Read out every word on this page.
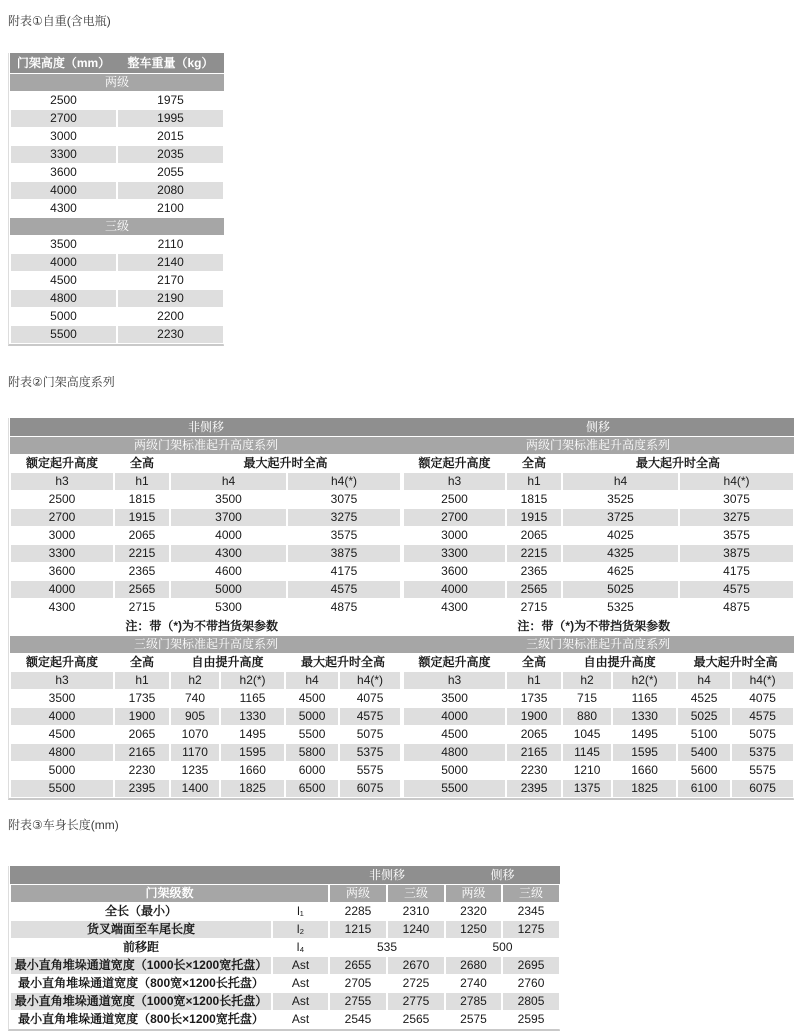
附表①自重(含电瓶)
附表②门架高度系列
附表③车身长度(mm)
门架高度（mm）	整车重量（kg）
两级	
2500	1975
2700	1995
3000	2015
3300	2035
3600	2055
4000	2080
4300	2100
三级	
3500	2110
4000	2140
4500	2170
4800	2190
5000	2200
5500	2230
非侧移				侧移			
两级门架标准起升高度系列				两级门架标准起升高度系列			
额定起升高度	全高	最大起升时全高		额定起升高度	全高	最大起升时全高	
h3	h1	h4	h4(*)	h3	h1	h4	h4(*)
2500	1815	3500	3075	2500	1815	3525	3075
2700	1915	3700	3275	2700	1915	3725	3275
3000	2065	4000	3575	3000	2065	4025	3575
3300	2215	4300	3875	3300	2215	4325	3875
3600	2365	4600	4175	3600	2365	4625	4175
4000	2565	5000	4575	4000	2565	5025	4575
4300	2715	5300	4875	4300	2715	5325	4875
注：带（*)为不带挡货架参数						注：带（*)为不带挡货架参数					
三级门架标准起升高度系列						三级门架标准起升高度系列					
额定起升高度	全高	自由提升高度		最大起升时全高		额定起升高度	全高	自由提升高度		最大起升时全高	
h3	h1	h2	h2(*)	h4	h4(*)	h3	h1	h2	h2(*)	h4	h4(*)
3500	1735	740	1165	4500	4075	3500	1735	715	1165	4525	4075
4000	1900	905	1330	5000	4575	4000	1900	880	1330	5025	4575
4500	2065	1070	1495	5500	5075	4500	2065	1045	1495	5100	5075
4800	2165	1170	1595	5800	5375	4800	2165	1145	1595	5400	5375
5000	2230	1235	1660	6000	5575	5000	2230	1210	1660	5600	5575
5500	2395	1400	1825	6500	6075	5500	2395	1375	1825	6100	6075
		非侧移		侧移	
门架级数		两级	三级	两级	三级
全长（最小）	l₁	2285	2310	2320	2345
货叉端面至车尾长度	l₂	1215	1240	1250	1275
前移距	l₄	535		500	
最小直角堆垛通道宽度（1000长×1200宽托盘）	Ast	2655	2670	2680	2695
最小直角堆垛通道宽度（800宽×1200长托盘）	Ast	2705	2725	2740	2760
最小直角堆垛通道宽度（1000宽×1200长托盘）	Ast	2755	2775	2785	2805
最小直角堆垛通道宽度（800长×1200宽托盘）	Ast	2545	2565	2575	2595
